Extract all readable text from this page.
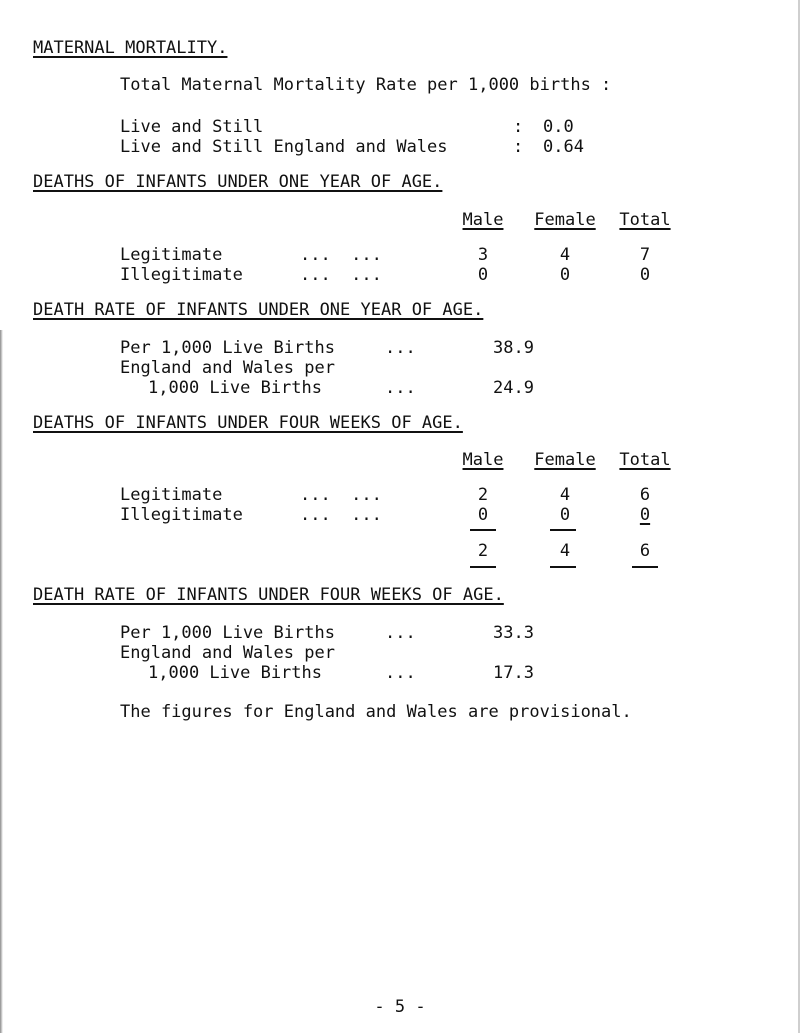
MATERNAL MORTALITY.
Total Maternal Mortality Rate per 1,000 births :
Live and Still	: 0.0
Live and Still England and Wales	: 0.64
DEATHS OF INFANTS UNDER ONE YEAR OF AGE.
Male	Female	Total
Legitimate	...  ...	3	4	7
Illegitimate	...  ...	0	0	0
DEATH RATE OF INFANTS UNDER ONE YEAR OF AGE.
Per 1,000 Live Births	...	38.9
England and Wales per
1,000 Live Births	...	24.9
DEATHS OF INFANTS UNDER FOUR WEEKS OF AGE.
Male	Female	Total
Legitimate	...  ...	2	4	6
Illegitimate	...  ...	0	0	0
2	4	6
DEATH RATE OF INFANTS UNDER FOUR WEEKS OF AGE.
Per 1,000 Live Births	...	33.3
England and Wales per
1,000 Live Births	...	17.3
The figures for England and Wales are provisional.
- 5 -
